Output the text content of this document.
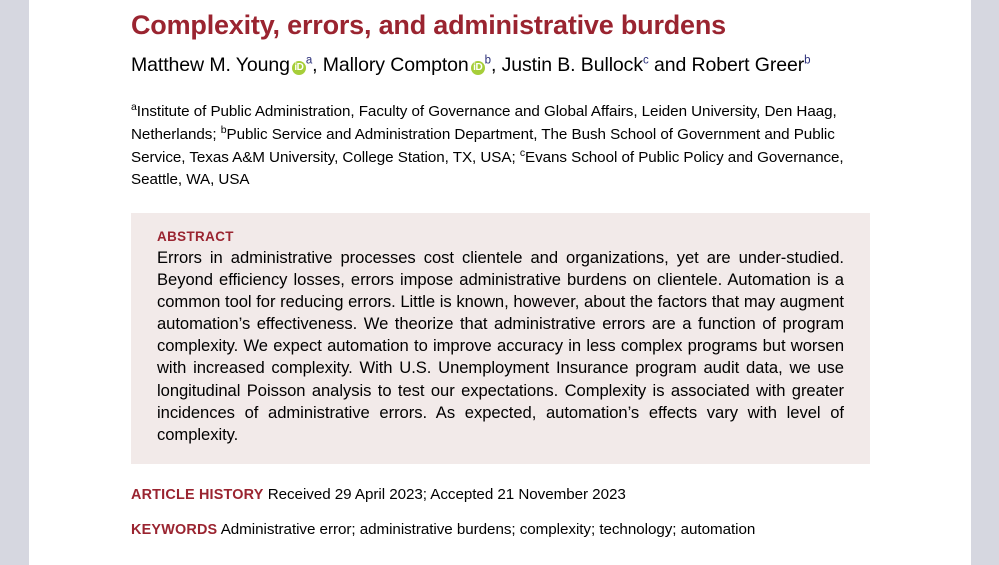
Complexity, errors, and administrative burdens

Matthew M. Young iD$^a$, Mallory Compton iD$^b$, Justin B. Bullock$^c$ and Robert Greer$^b$

$^a$Institute of Public Administration, Faculty of Governance and Global Affairs, Leiden University, Den Haag, Netherlands; $^b$Public Service and Administration Department, The Bush School of Government and Public Service, Texas A&M University, College Station, TX, USA; $^c$Evans School of Public Policy and Governance, Seattle, WA, USA

ABSTRACT

Errors in administrative processes cost clientele and organizations, yet are under-studied. Beyond efficiency losses, errors impose administrative burdens on clientele. Automation is a common tool for reducing errors. Little is known, however, about the factors that may augment automation’s effectiveness. We theorize that administrative errors are a function of program complexity. We expect automation to improve accuracy in less complex programs but worsen with increased complexity. With U.S. Unemployment Insurance program audit data, we use longitudinal Poisson analysis to test our expectations. Complexity is associated with greater incidences of administrative errors. As expected, automation’s effects vary with level of complexity.

ARTICLE HISTORY Received 29 April 2023; Accepted 21 November 2023
KEYWORDS Administrative error; administrative burdens; complexity; technology; automation
